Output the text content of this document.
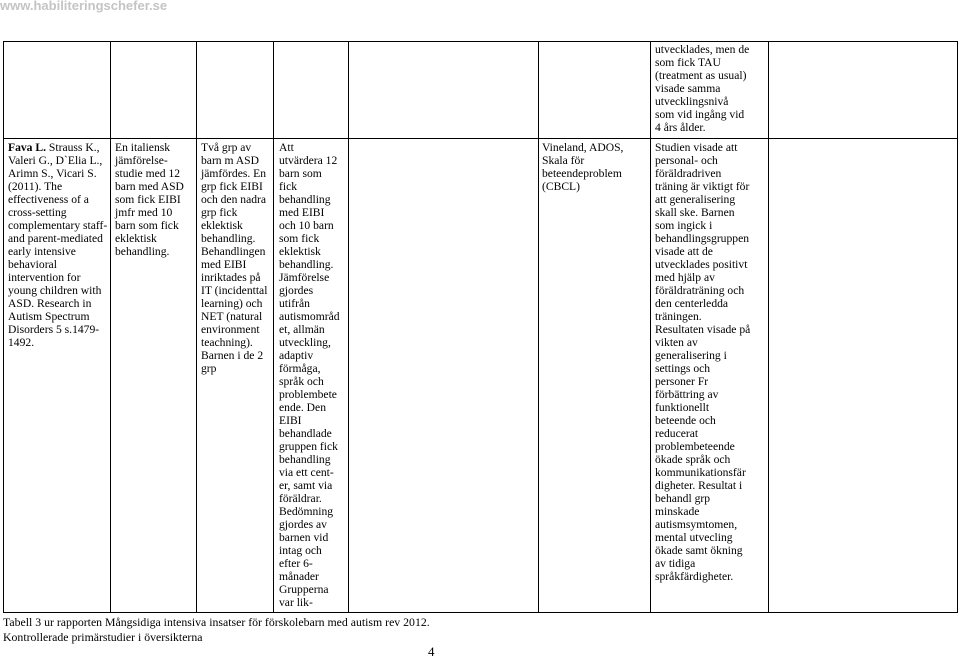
www.habiliteringschefer.se
utvecklades, men de
som fick TAU
(treatment as usual)
visade samma
utvecklingsnivå
som vid ingång vid
4 års ålder.
Fava L. Strauss K.,
Valeri G., D`Elia L.,
Arimn S., Vicari S.
(2011). The
effectiveness of a
cross-setting
complementary staff-
and parent-mediated
early intensive
behavioral
intervention for
young children with
ASD. Research in
Autism Spectrum
Disorders 5 s.1479-
1492.
En italiensk
jämförelse-
studie med 12
barn med ASD
som fick EIBI
jmfr med 10
barn som fick
eklektisk
behandling.
Två grp av
barn m ASD
jämfördes. En
grp fick EIBI
och den nadra
grp fick
eklektisk
behandling.
Behandlingen
med EIBI
inriktades på
IT (incidenttal
learning) och
NET (natural
environment
teachning).
Barnen i de 2
grp
Att
utvärdera 12
barn som
fick
behandling
med EIBI
och 10 barn
som fick
eklektisk
behandling.
Jämförelse
gjordes
utifrån
autismområd
et, allmän
utveckling,
adaptiv
förmåga,
språk och
problembete
ende. Den
EIBI
behandlade
gruppen fick
behandling
via ett cent-
er, samt via
föräldrar.
Bedömning
gjordes av
barnen vid
intag och
efter 6-
månader
Grupperna
var lik-
Vineland, ADOS,
Skala för
beteendeproblem
(CBCL)
Studien visade att
personal- och
föräldradriven
träning är viktigt för
att generalisering
skall ske. Barnen
som ingick i
behandlingsgruppen
visade att de
utvecklades positivt
med hjälp av
föräldraträning och
den centerledda
träningen.
Resultaten visade på
vikten av
generalisering i
settings och
personer Fr
förbättring av
funktionellt
beteende och
reducerat
problembeteende
ökade språk och
kommunikationsfär
digheter. Resultat i
behandl grp
minskade
autismsymtomen,
mental utvecling
ökade samt ökning
av tidiga
språkfärdigheter.
Tabell 3 ur rapporten Mångsidiga intensiva insatser för förskolebarn med autism rev 2012.
Kontrollerade primärstudier i översikterna
4
